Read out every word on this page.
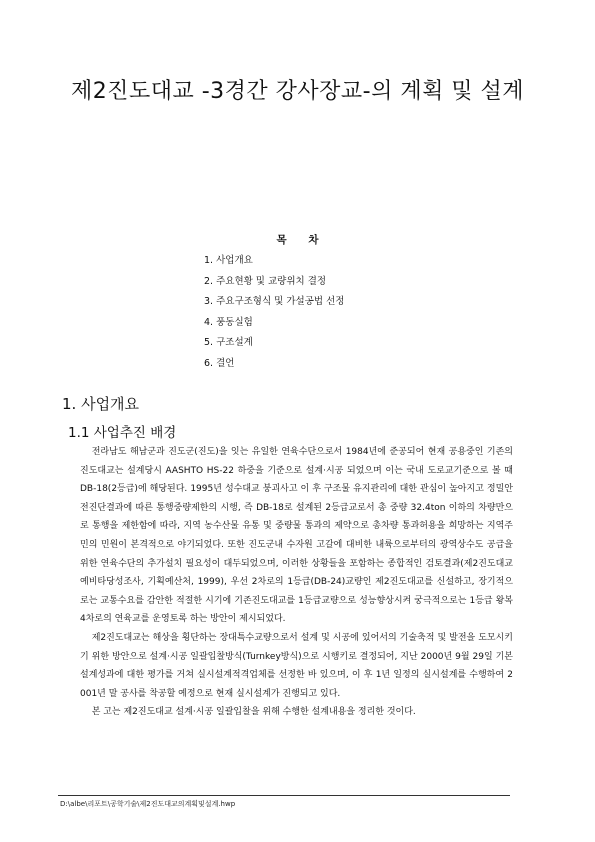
제2진도대교 -3경간 강사장교-의 계획 및 설계
목 차
1. 사업개요
2. 주요현황 및 교량위치 결정
3. 주요구조형식 및 가설공법 선정
4. 풍동실험
5. 구조설계
6. 결언
1. 사업개요
1.1 사업추진 배경

전라남도 해남군과 진도군(진도)을 잇는 유일한 연육수단으로서 1984년에 준공되어 현재 공용중인 기존의 진도대교는 설계당시 AASHTO HS-22 하중을 기준으로 설계·시공 되었으며 이는 국내 도로교기준으로 볼 때 DB-18(2등급)에 해당된다. 1995년 성수대교 붕괴사고 이 후 구조물 유지관리에 대한 관심이 높아지고 정밀안전진단결과에 따른 통행중량제한의 시행, 즉 DB-18로 설계된 2등급교로서 총 중량 32.4ton 이하의 차량만으로 통행을 제한함에 따라, 지역 농수산물 유통 및 중량물 통과의 제약으로 총차량 통과허용을 희망하는 지역주민의 민원이 본격적으로 야기되었다. 또한 진도군내 수자원 고갈에 대비한 내륙으로부터의 광역상수도 공급을 위한 연육수단의 추가설치 필요성이 대두되었으며, 이러한 상황들을 포함하는 종합적인 검토결과(제2진도대교 예비타당성조사, 기획예산처, 1999), 우선 2차로의 1등급(DB-24)교량인 제2진도대교를 신설하고, 장기적으로는 교통수요를 감안한 적절한 시기에 기존진도대교를 1등급교량으로 성능향상시켜 궁극적으로는 1등급 왕복4차로의 연육교를 운영토록 하는 방안이 제시되었다.

제2진도대교는 해상을 횡단하는 장대특수교량으로서 설계 및 시공에 있어서의 기술축적 및 발전을 도모시키기 위한 방안으로 설계·시공 일괄입찰방식(Turnkey방식)으로 시행키로 결정되어, 지난 2000년 9월 29일 기본설계성과에 대한 평가를 거쳐 실시설계적격업체를 선정한 바 있으며, 이 후 1년 일정의 실시설계를 수행하여 2001년 말 공사를 착공할 예정으로 현재 실시설계가 진행되고 있다.

본 고는 제2진도대교 설계·시공 일괄입찰을 위해 수행한 설계내용을 정리한 것이다.

D:\albe\리포트\공학기술\제2진도대교의계획및설계.hwp
